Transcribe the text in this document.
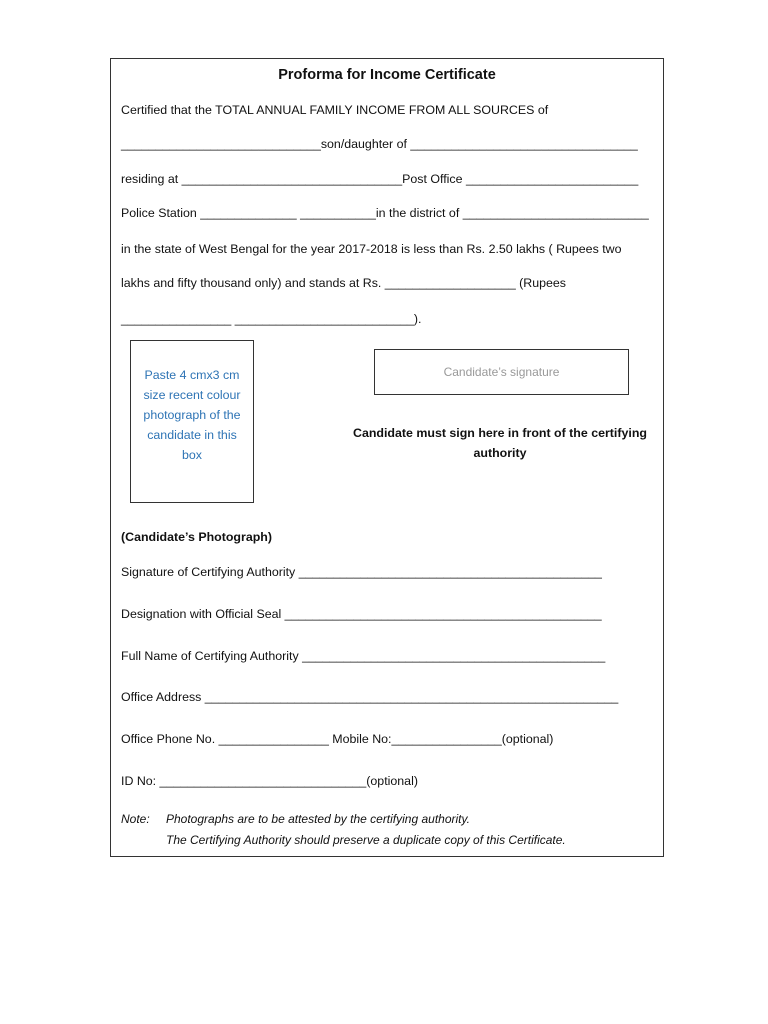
Proforma for Income Certificate
Certified that the TOTAL ANNUAL FAMILY INCOME FROM ALL SOURCES of
_____________________________son/daughter of _________________________________
residing at ________________________________Post Office _________________________
Police Station ______________ ___________in the district of ___________________________
in the state of West Bengal for the year 2017-2018 is less than Rs. 2.50 lakhs ( Rupees two
lakhs and fifty thousand only) and stands at Rs. ___________________ (Rupees
________________ __________________________).
Paste 4 cmx3 cm size recent colour photograph of the candidate in this box
Candidate’s signature
Candidate must sign here in front of the certifying authority
(Candidate’s Photograph)
Signature of Certifying Authority ____________________________________________
Designation with Official Seal ______________________________________________
Full Name of Certifying Authority ____________________________________________
Office Address ____________________________________________________________
Office Phone No. ________________ Mobile No:________________(optional)
ID No: ______________________________(optional)
Note: Photographs are to be attested by the certifying authority.
The Certifying Authority should preserve a duplicate copy of this Certificate.
